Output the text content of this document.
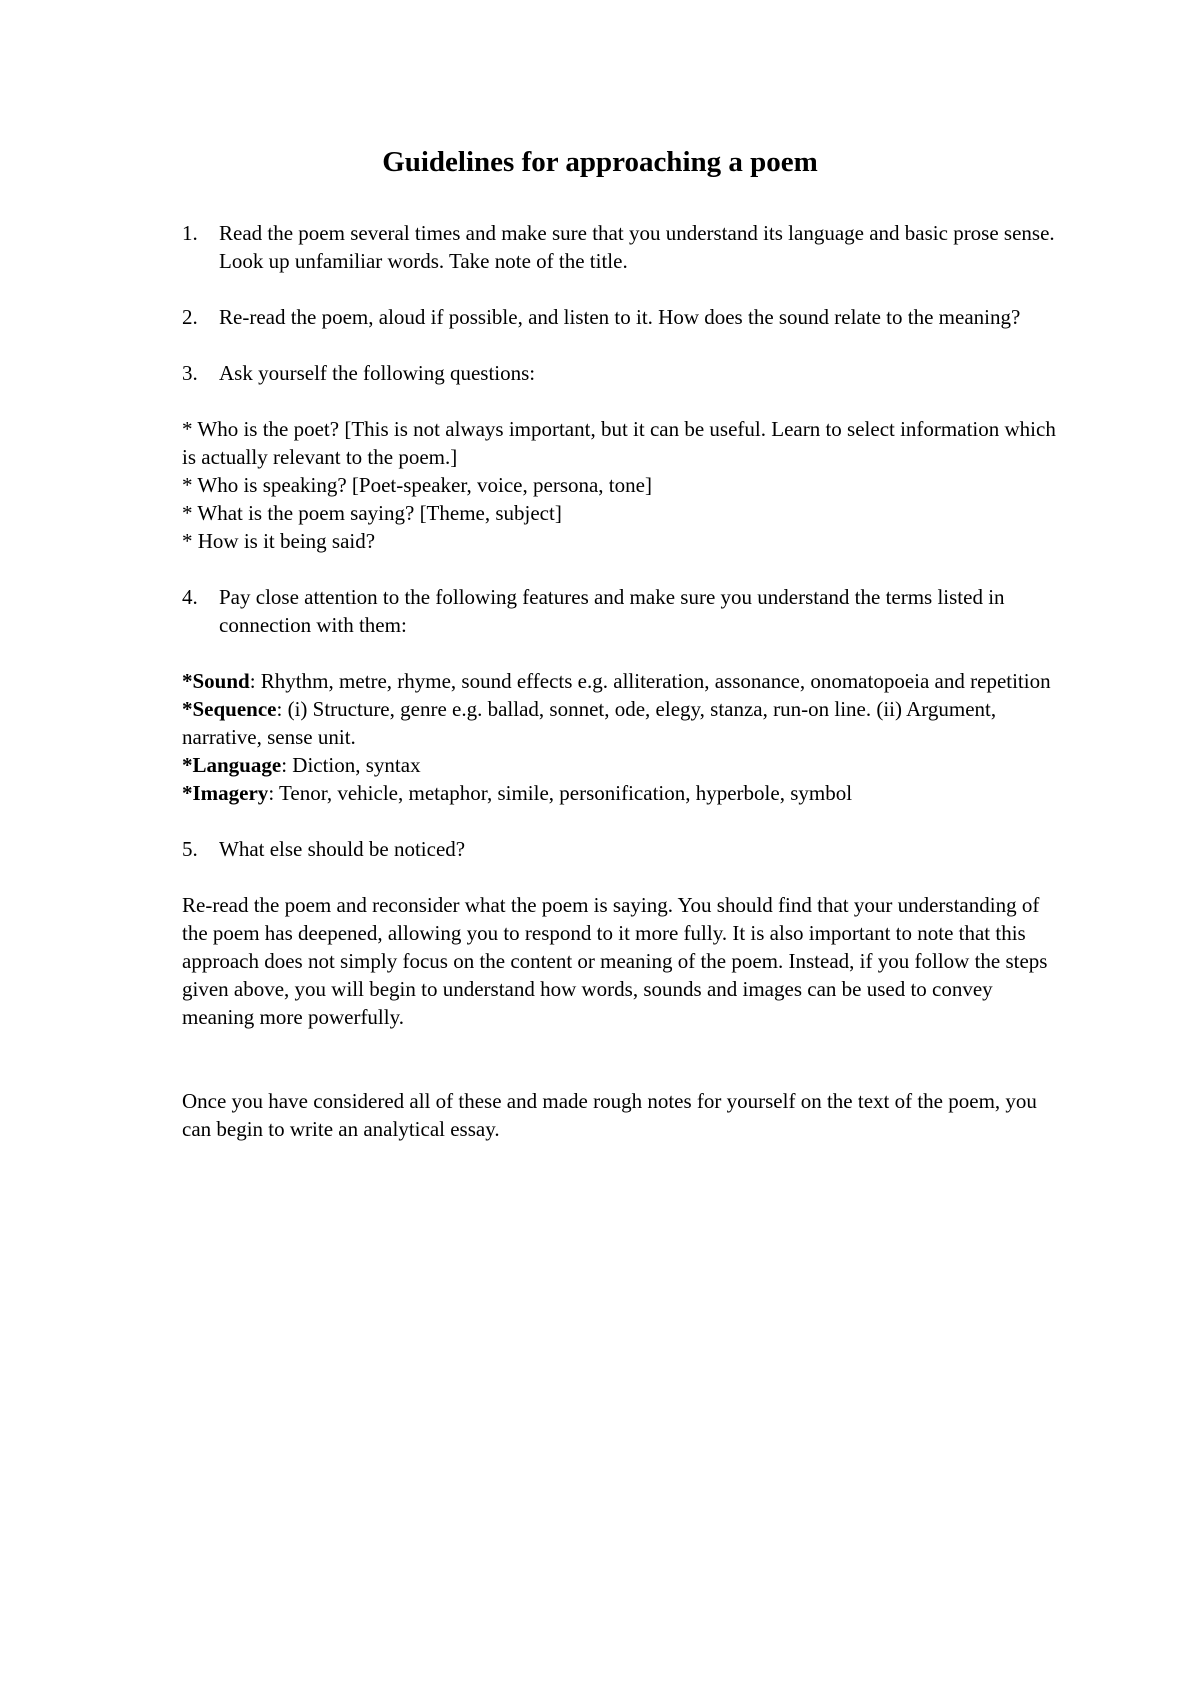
Guidelines for approaching a poem
1.	Read the poem several times and make sure that you understand its language and basic prose sense. Look up unfamiliar words. Take note of the title.
2.	Re-read the poem, aloud if possible, and listen to it. How does the sound relate to the meaning?
3.	Ask yourself the following questions:

* Who is the poet? [This is not always important, but it can be useful. Learn to select information which is actually relevant to the poem.]

* Who is speaking? [Poet-speaker, voice, persona, tone]

* What is the poem saying? [Theme, subject]

* How is it being said?

4.	Pay close attention to the following features and make sure you understand the terms listed in connection with them:

*Sound: Rhythm, metre, rhyme, sound effects e.g. alliteration, assonance, onomatopoeia and repetition

*Sequence: (i) Structure, genre e.g. ballad, sonnet, ode, elegy, stanza, run-on line. (ii) Argument, narrative, sense unit.

*Language: Diction, syntax

*Imagery: Tenor, vehicle, metaphor, simile, personification, hyperbole, symbol

5.	What else should be noticed?

Re-read the poem and reconsider what the poem is saying. You should find that your understanding of the poem has deepened, allowing you to respond to it more fully. It is also important to note that this approach does not simply focus on the content or meaning of the poem. Instead, if you follow the steps given above, you will begin to understand how words, sounds and images can be used to convey meaning more powerfully.

Once you have considered all of these and made rough notes for yourself on the text of the poem, you can begin to write an analytical essay.
